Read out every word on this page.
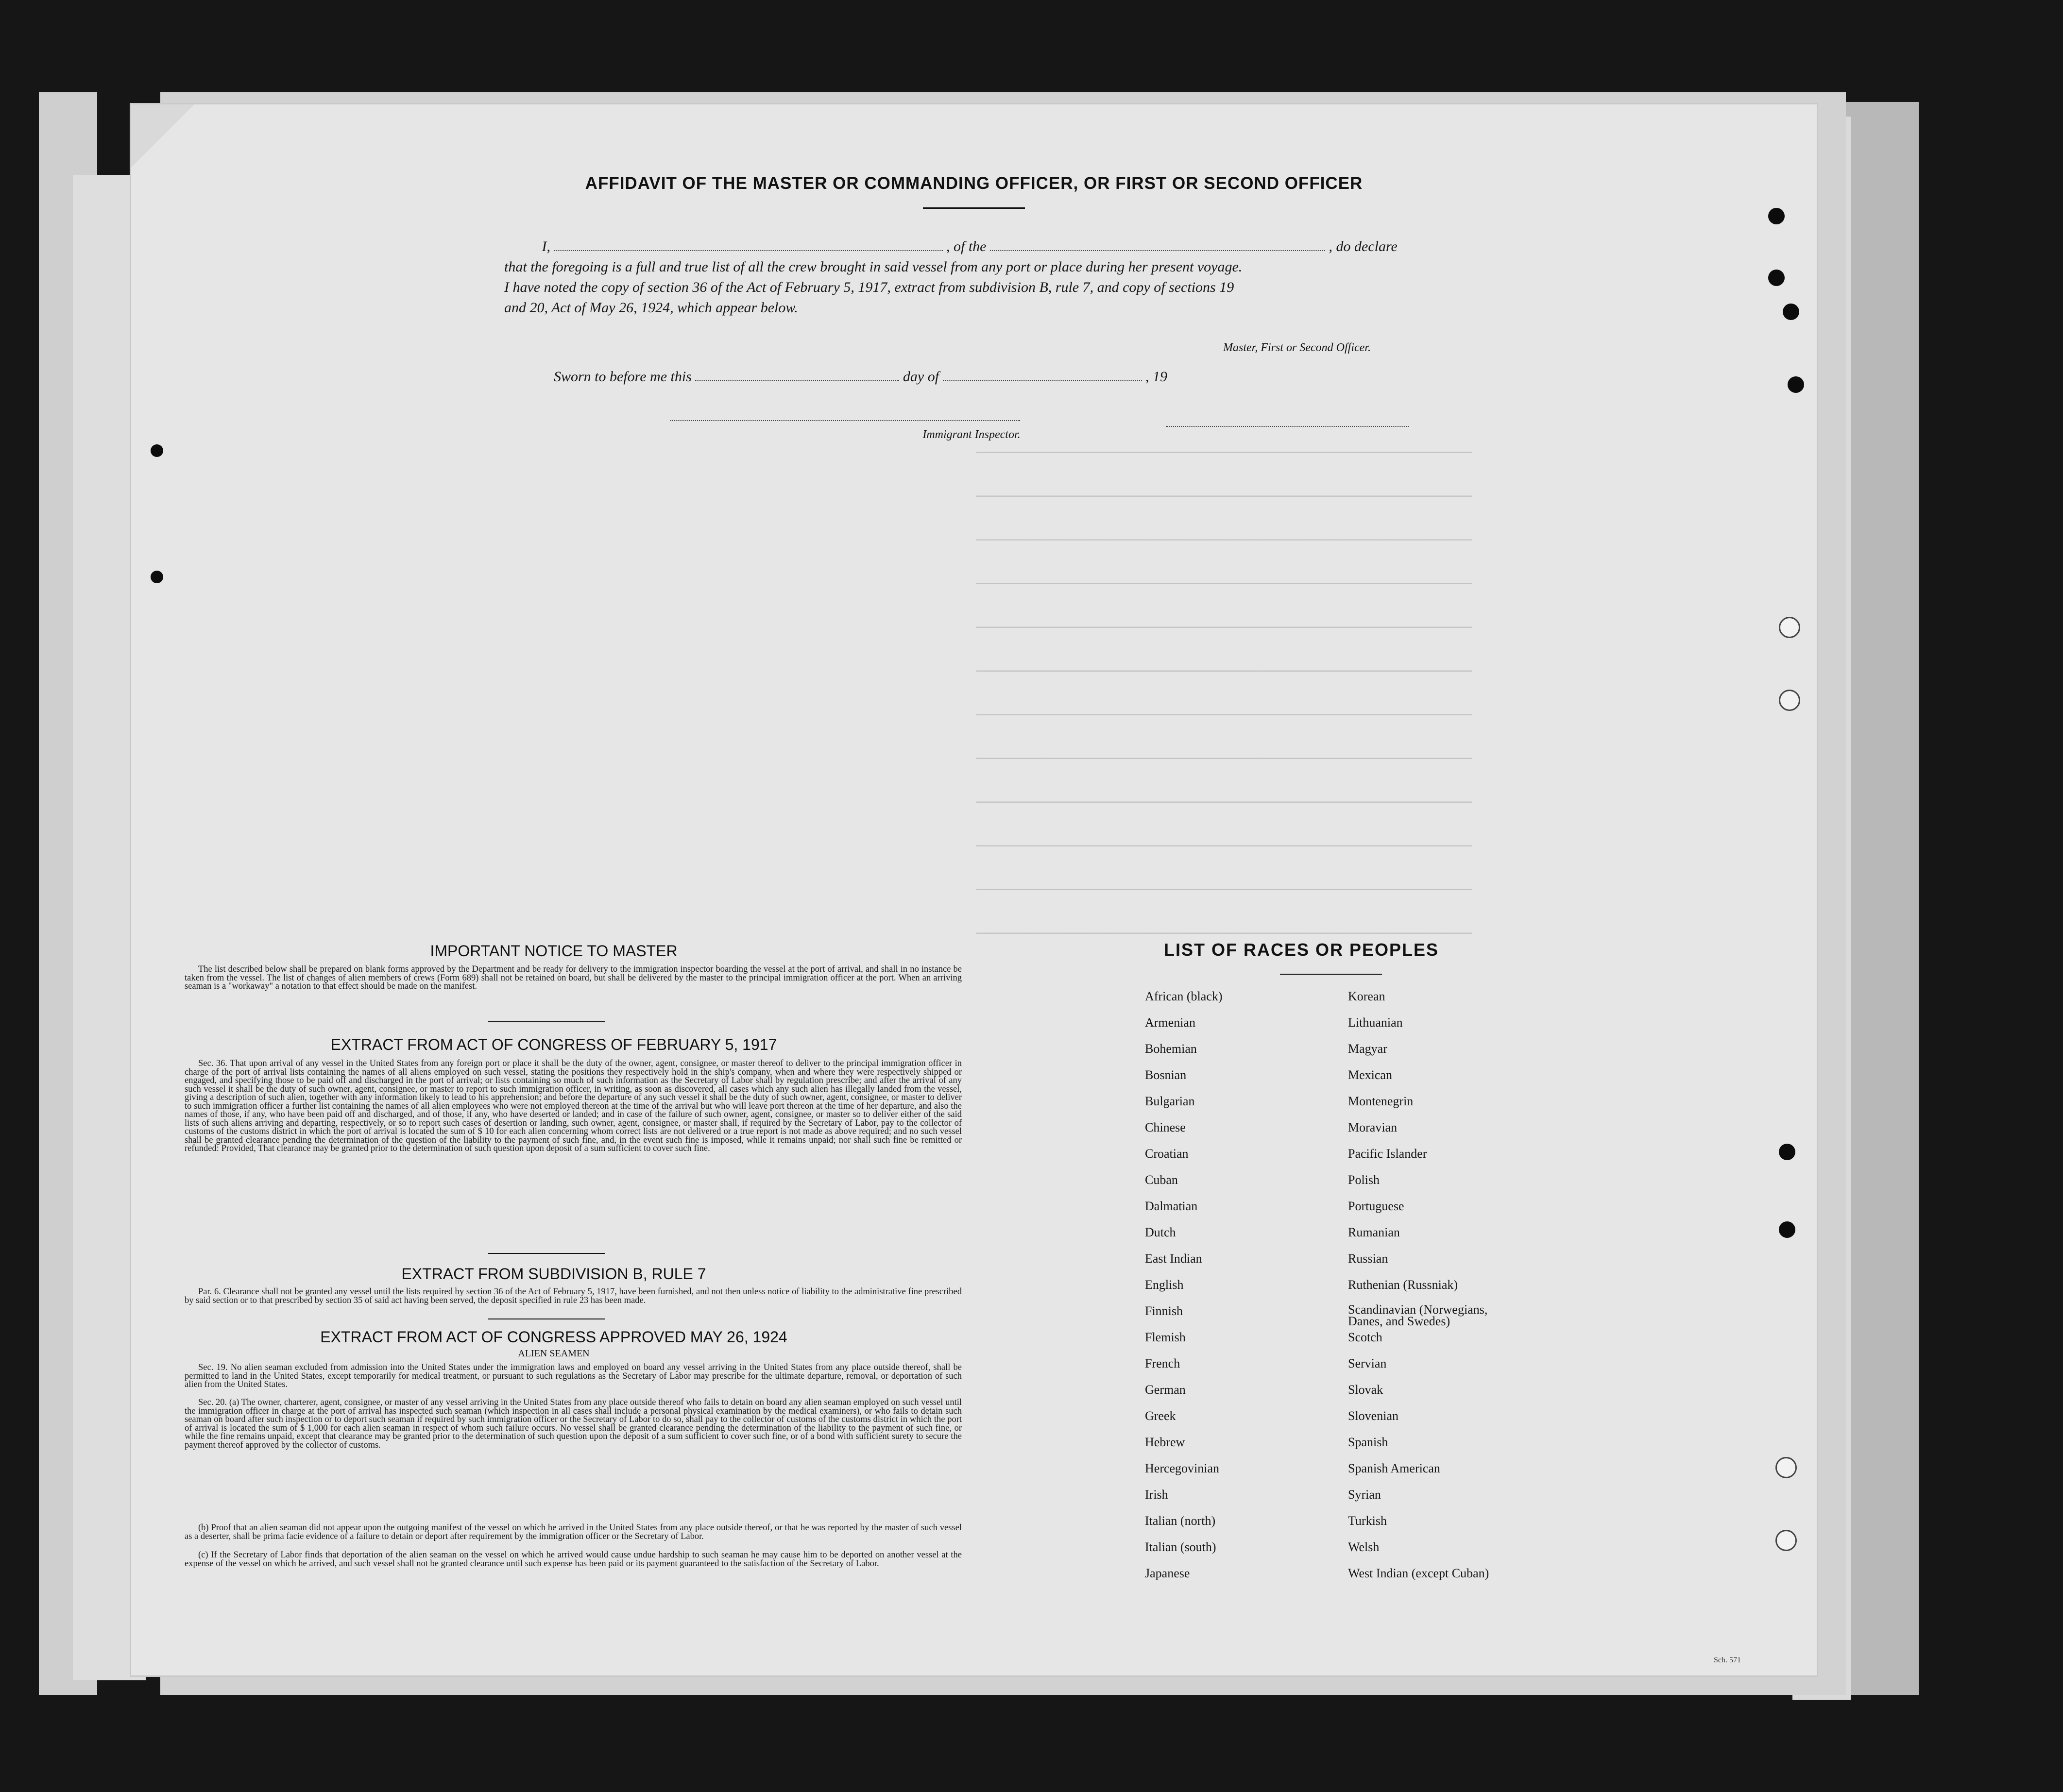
──────────────────────────────────────────────────
──────────────────────────────────────────────────
──────────────────────────────────────────────────
──────────────────────────────────────────────────
──────────────────────────────────────────────────
──────────────────────────────────────────────────
──────────────────────────────────────────────────
──────────────────────────────────────────────────
──────────────────────────────────────────────────
──────────────────────────────────────────────────
──────────────────────────────────────────────────
──────────────────────────────────────────────────
AFFIDAVIT OF THE MASTER OR COMMANDING OFFICER, OR FIRST OR SECOND OFFICER
I,	, of the	, do declare
that the foregoing is a full and true list of all the crew brought in said vessel from any port or place during her present voyage.
I have noted the copy of section 36 of the Act of February 5, 1917, extract from subdivision B, rule 7, and copy of sections 19
and 20, Act of May 26, 1924, which appear below.
Master, First or Second Officer.
Sworn to before me this	day of	, 19
Immigrant Inspector.
IMPORTANT NOTICE TO MASTER
The list described below shall be prepared on blank forms approved by the Department and be ready for delivery to the immigration inspector boarding the vessel at the port of arrival, and shall in no instance be taken from the vessel. The list of changes of alien members of crews (Form 689) shall not be retained on board, but shall be delivered by the master to the principal immigration officer at the port. When an arriving seaman is a "workaway" a notation to that effect should be made on the manifest.
EXTRACT FROM ACT OF CONGRESS OF FEBRUARY 5, 1917
Sec. 36. That upon arrival of any vessel in the United States from any foreign port or place it shall be the duty of the owner, agent, consignee, or master thereof to deliver to the principal immigration officer in charge of the port of arrival lists containing the names of all aliens employed on such vessel, stating the positions they respectively hold in the ship's company, when and where they were respectively shipped or engaged, and specifying those to be paid off and discharged in the port of arrival; or lists containing so much of such information as the Secretary of Labor shall by regulation prescribe; and after the arrival of any such vessel it shall be the duty of such owner, agent, consignee, or master to report to such immigration officer, in writing, as soon as discovered, all cases which any such alien has illegally landed from the vessel, giving a description of such alien, together with any information likely to lead to his apprehension; and before the departure of any such vessel it shall be the duty of such owner, agent, consignee, or master to deliver to such immigration officer a further list containing the names of all alien employees who were not employed thereon at the time of the arrival but who will leave port thereon at the time of her departure, and also the names of those, if any, who have been paid off and discharged, and of those, if any, who have deserted or landed; and in case of the failure of such owner, agent, consignee, or master so to deliver either of the said lists of such aliens arriving and departing, respectively, or so to report such cases of desertion or landing, such owner, agent, consignee, or master shall, if required by the Secretary of Labor, pay to the collector of customs of the customs district in which the port of arrival is located the sum of $ 10 for each alien concerning whom correct lists are not delivered or a true report is not made as above required; and no such vessel shall be granted clearance pending the determination of the question of the liability to the payment of such fine, and, in the event such fine is imposed, while it remains unpaid; nor shall such fine be remitted or refunded: Provided, That clearance may be granted prior to the determination of such question upon deposit of a sum sufficient to cover such fine.
EXTRACT FROM SUBDIVISION B, RULE 7
Par. 6. Clearance shall not be granted any vessel until the lists required by section 36 of the Act of February 5, 1917, have been furnished, and not then unless notice of liability to the administrative fine prescribed by said section or to that prescribed by section 35 of said act having been served, the deposit specified in rule 23 has been made.
EXTRACT FROM ACT OF CONGRESS APPROVED MAY 26, 1924
ALIEN SEAMEN
Sec. 19. No alien seaman excluded from admission into the United States under the immigration laws and employed on board any vessel arriving in the United States from any place outside thereof, shall be permitted to land in the United States, except temporarily for medical treatment, or pursuant to such regulations as the Secretary of Labor may prescribe for the ultimate departure, removal, or deportation of such alien from the United States.
Sec. 20. (a) The owner, charterer, agent, consignee, or master of any vessel arriving in the United States from any place outside thereof who fails to detain on board any alien seaman employed on such vessel until the immigration officer in charge at the port of arrival has inspected such seaman (which inspection in all cases shall include a personal physical examination by the medical examiners), or who fails to detain such seaman on board after such inspection or to deport such seaman if required by such immigration officer or the Secretary of Labor to do so, shall pay to the collector of customs of the customs district in which the port of arrival is located the sum of $ 1,000 for each alien seaman in respect of whom such failure occurs. No vessel shall be granted clearance pending the determination of the liability to the payment of such fine, or while the fine remains unpaid, except that clearance may be granted prior to the determination of such question upon the deposit of a sum sufficient to cover such fine, or of a bond with sufficient surety to secure the payment thereof approved by the collector of customs.
(b) Proof that an alien seaman did not appear upon the outgoing manifest of the vessel on which he arrived in the United States from any place outside thereof, or that he was reported by the master of such vessel as a deserter, shall be prima facie evidence of a failure to detain or deport after requirement by the immigration officer or the Secretary of Labor.
(c) If the Secretary of Labor finds that deportation of the alien seaman on the vessel on which he arrived would cause undue hardship to such seaman he may cause him to be deported on another vessel at the expense of the vessel on which he arrived, and such vessel shall not be granted clearance until such expense has been paid or its payment guaranteed to the satisfaction of the Secretary of Labor.
LIST OF RACES OR PEOPLES
African (black)
Armenian
Bohemian
Bosnian
Bulgarian
Chinese
Croatian
Cuban
Dalmatian
Dutch
East Indian
English
Finnish
Flemish
French
German
Greek
Hebrew
Hercegovinian
Irish
Italian (north)
Italian (south)
Japanese
Korean
Lithuanian
Magyar
Mexican
Montenegrin
Moravian
Pacific Islander
Polish
Portuguese
Rumanian
Russian
Ruthenian (Russniak)
Scandinavian (Norwegians, Danes, and Swedes)
Scotch
Servian
Slovak
Slovenian
Spanish
Spanish American
Syrian
Turkish
Welsh
West Indian (except Cuban)
Sch. 571
